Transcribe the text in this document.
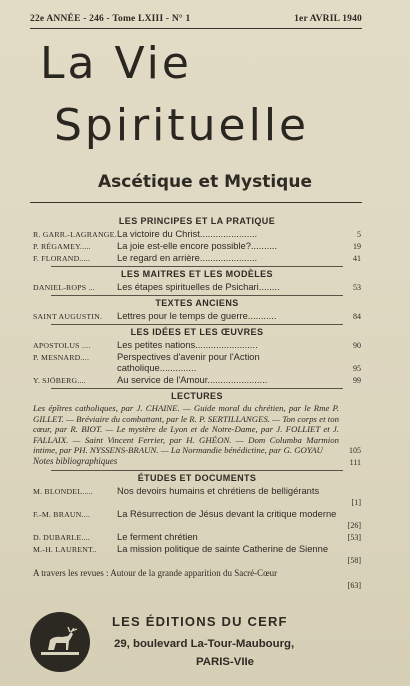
22e ANNÉE - 246 - Tome LXIII - N° 1	1er AVRIL 1940
La Vie
Spirituelle
Ascétique et Mystique
LES PRINCIPES ET LA PRATIQUE
R. GARR.-LAGRANGE. La victoire du Christ......................	5
P. RÉGAMEY.....	La joie est-elle encore possible?..........	19
F. FLORAND.....	Le regard en arrière......................	41
LES MAITRES ET LES MODÈLES
DANIEL-ROPS ...	Les étapes spirituelles de Psichari........	53
TEXTES ANCIENS
SAINT AUGUSTIN.	Lettres pour le temps de guerre...........	84
LES IDÉES ET LES ŒUVRES
APOSTOLUS ....	Les petites nations........................	90
P. MESNARD....	Perspectives d'avenir pour l'Action catholique..............	95
Y. SJÖBERG....	Au service de l'Amour.......................	99
LECTURES
Les épîtres catholiques, par J. CHAINE. — Guide moral du chrétien, par le Rme P. GILLET. — Bréviaire du combattant, par le R. P. SERTILLANGES. — Ton corps et ton cœur, par R. BIOT. — Le mystère de Lyon et de Notre-Dame, par J. FOLLIET et J. FALLAIX. — Saint Vincent Ferrier, par H. GHÉON. — Dom Columba Marmion intime, par PH. NYSSENS-BRAUN. — La Normandie bénédictine, par G. GOYAU	105
Notes bibliographiques	111
ÉTUDES ET DOCUMENTS
M. BLONDEL.....	Nos devoirs humains et chrétiens de belligérants
[1]
F.-M. BRAUN....	La Résurrection de Jésus devant la critique moderne
[26]
D. DUBARLE....	Le ferment chrétien	[53]
M.-H. LAURENT..	La mission politique de sainte Catherine de Sienne
[58]
A travers les revues : Autour de la grande apparition du Sacré-Cœur
[63]
LES ÉDITIONS DU CERF
29, boulevard La-Tour-Maubourg,
PARIS-VIIe
